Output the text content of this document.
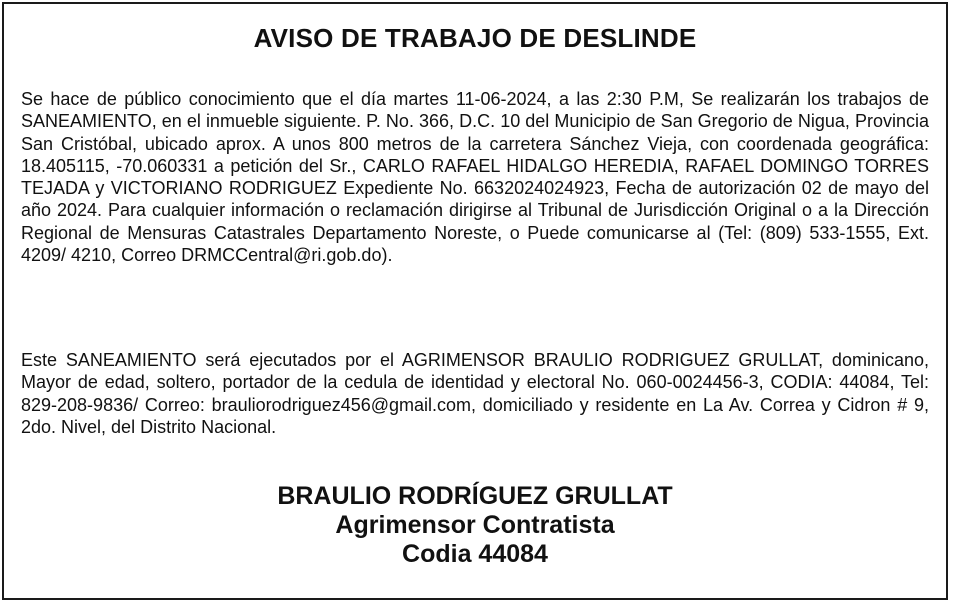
AVISO DE TRABAJO DE DESLINDE

Se hace de público conocimiento que el día martes 11-06-2024, a las 2:30 P.M, Se realizarán los trabajos de SANEAMIENTO, en el inmueble siguiente. P. No. 366, D.C. 10 del Municipio de San Gregorio de Nigua, Provincia San Cristóbal, ubicado aprox. A unos 800 metros de la carretera Sánchez Vieja, con coordenada geográfica: 18.405115, -70.060331 a petición del Sr., CARLO RAFAEL HIDALGO HEREDIA, RAFAEL DOMINGO TORRES TEJADA y VICTORIANO RODRIGUEZ Expediente No. 6632024024923, Fecha de autorización 02 de mayo del año 2024. Para cualquier información o reclamación dirigirse al Tribunal de Jurisdicción Original o a la Dirección Regional de Mensuras Catastrales Departamento Noreste, o Puede comunicarse al (Tel: (809) 533-1555, Ext. 4209/ 4210, Correo DRMCCentral@ri.gob.do).

Este SANEAMIENTO será ejecutados por el AGRIMENSOR BRAULIO RODRIGUEZ GRULLAT, dominicano, Mayor de edad, soltero, portador de la cedula de identidad y electoral No. 060-0024456-3, CODIA: 44084, Tel: 829-208-9836/ Correo: brauliorodriguez456@gmail.com, domiciliado y residente en La Av. Correa y Cidron # 9, 2do. Nivel, del Distrito Nacional.

BRAULIO RODRÍGUEZ GRULLAT
Agrimensor Contratista
Codia 44084
